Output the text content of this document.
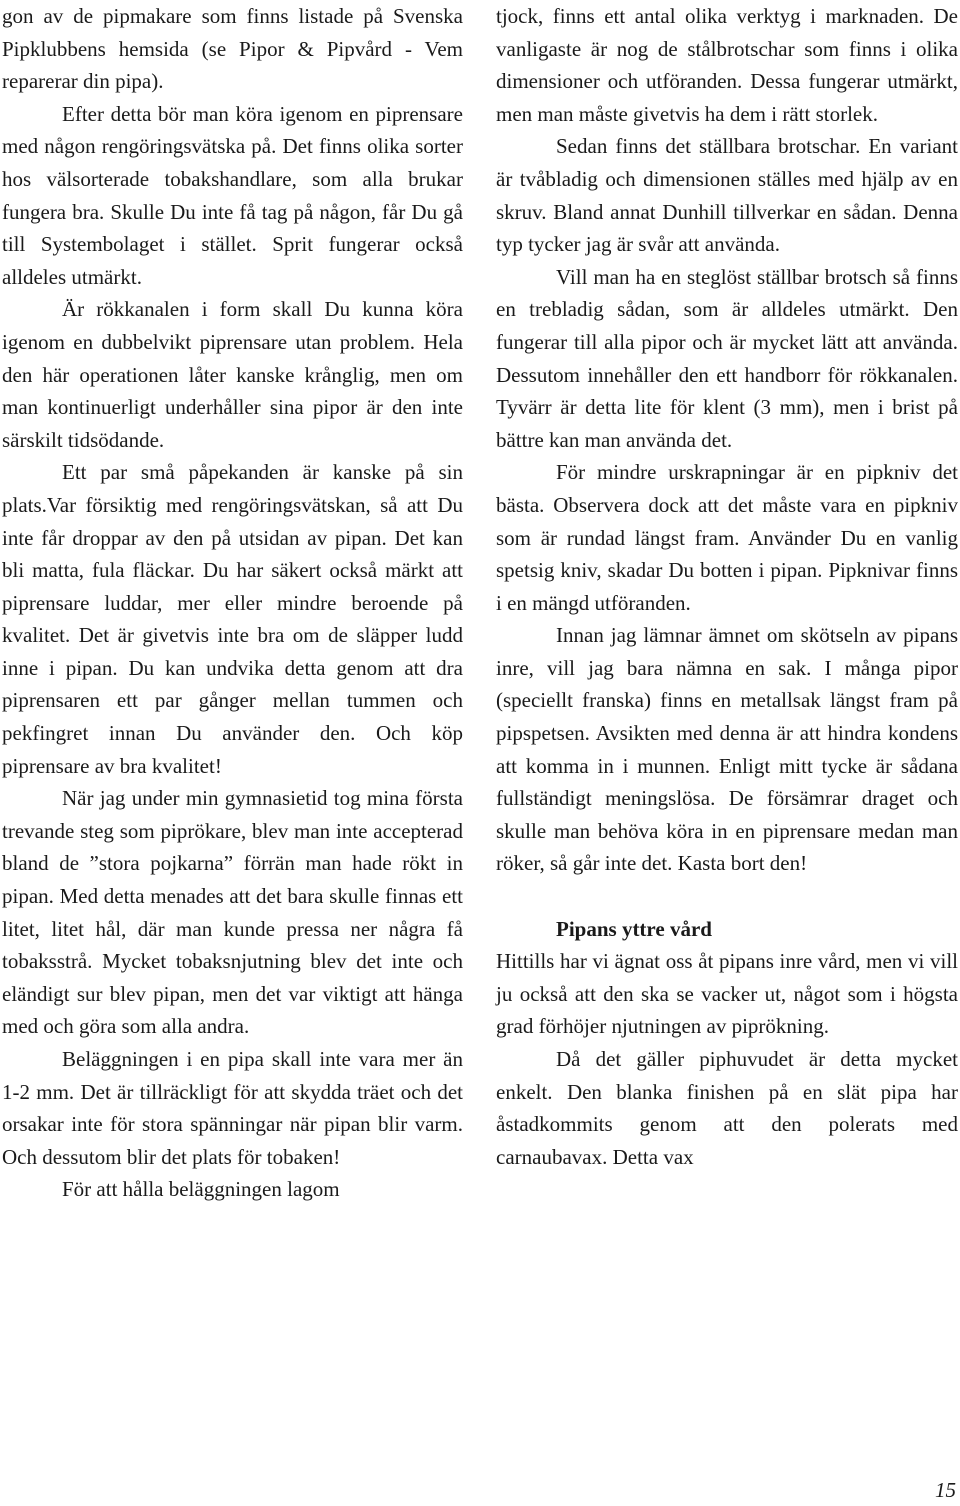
gon av de pipmakare som finns listade på Svenska Pipklubbens hemsida (se Pipor & Pipvård - Vem reparerar din pipa).

Efter detta bör man köra igenom en piprensare med någon rengöringsvätska på. Det finns olika sorter hos välsorterade tobakshandlare, som alla brukar fungera bra. Skulle Du inte få tag på någon, får Du gå till Systembolaget i stället. Sprit fungerar också alldeles utmärkt.

Är rökkanalen i form skall Du kunna köra igenom en dubbelvikt piprensare utan problem. Hela den här operationen låter kanske krånglig, men om man kontinuerligt underhåller sina pipor är den inte särskilt tidsödande.

Ett par små påpekanden är kanske på sin plats.Var försiktig med rengöringsvätskan, så att Du inte får droppar av den på utsidan av pipan. Det kan bli matta, fula fläckar. Du har säkert också märkt att piprensare luddar, mer eller mindre beroende på kvalitet. Det är givetvis inte bra om de släpper ludd inne i pipan. Du kan undvika detta genom att dra piprensaren ett par gånger mellan tummen och pekfingret innan Du använder den. Och köp piprensare av bra kvalitet!

När jag under min gymnasietid tog mina första trevande steg som piprökare, blev man inte accepterad bland de ”stora pojkarna” förrän man hade rökt in pipan. Med detta menades att det bara skulle finnas ett litet, litet hål, där man kunde pressa ner några få tobaksstrå. Mycket tobaksnjutning blev det inte och eländigt sur blev pipan, men det var viktigt att hänga med och göra som alla andra.

Beläggningen i en pipa skall inte vara mer än 1-2 mm. Det är tillräckligt för att skydda träet och det orsakar inte för stora spänningar när pipan blir varm. Och dessutom blir det plats för tobaken!

För att hålla beläggningen lagom

tjock, finns ett antal olika verktyg i marknaden. De vanligaste är nog de stålbrotschar som finns i olika dimensioner och utföranden. Dessa fungerar utmärkt, men man måste givetvis ha dem i rätt storlek.

Sedan finns det ställbara brotschar. En variant är tvåbladig och dimensionen ställes med hjälp av en skruv. Bland annat Dunhill tillverkar en sådan. Denna typ tycker jag är svår att använda.

Vill man ha en steglöst ställbar brotsch så finns en trebladig sådan, som är alldeles utmärkt. Den fungerar till alla pipor och är mycket lätt att använda. Dessutom innehåller den ett handborr för rökkanalen. Tyvärr är detta lite för klent (3 mm), men i brist på bättre kan man använda det.

För mindre urskrapningar är en pipkniv det bästa. Observera dock att det måste vara en pipkniv som är rundad längst fram. Använder Du en vanlig spetsig kniv, skadar Du botten i pipan. Pipknivar finns i en mängd utföranden.

Innan jag lämnar ämnet om skötseln av pipans inre, vill jag bara nämna en sak. I många pipor (speciellt franska) finns en metallsak längst fram på pipspetsen. Avsikten med denna är att hindra kondens att komma in i munnen. Enligt mitt tycke är sådana fullständigt meningslösa. De försämrar draget och skulle man behöva köra in en piprensare medan man röker, så går inte det. Kasta bort den!

Pipans yttre vård

Hittills har vi ägnat oss åt pipans inre vård, men vi vill ju också att den ska se vacker ut, något som i högsta grad förhöjer njutningen av piprökning.

Då det gäller piphuvudet är detta mycket enkelt. Den blanka finishen på en slät pipa har åstadkommits genom att den polerats med carnaubavax. Detta vax

15
